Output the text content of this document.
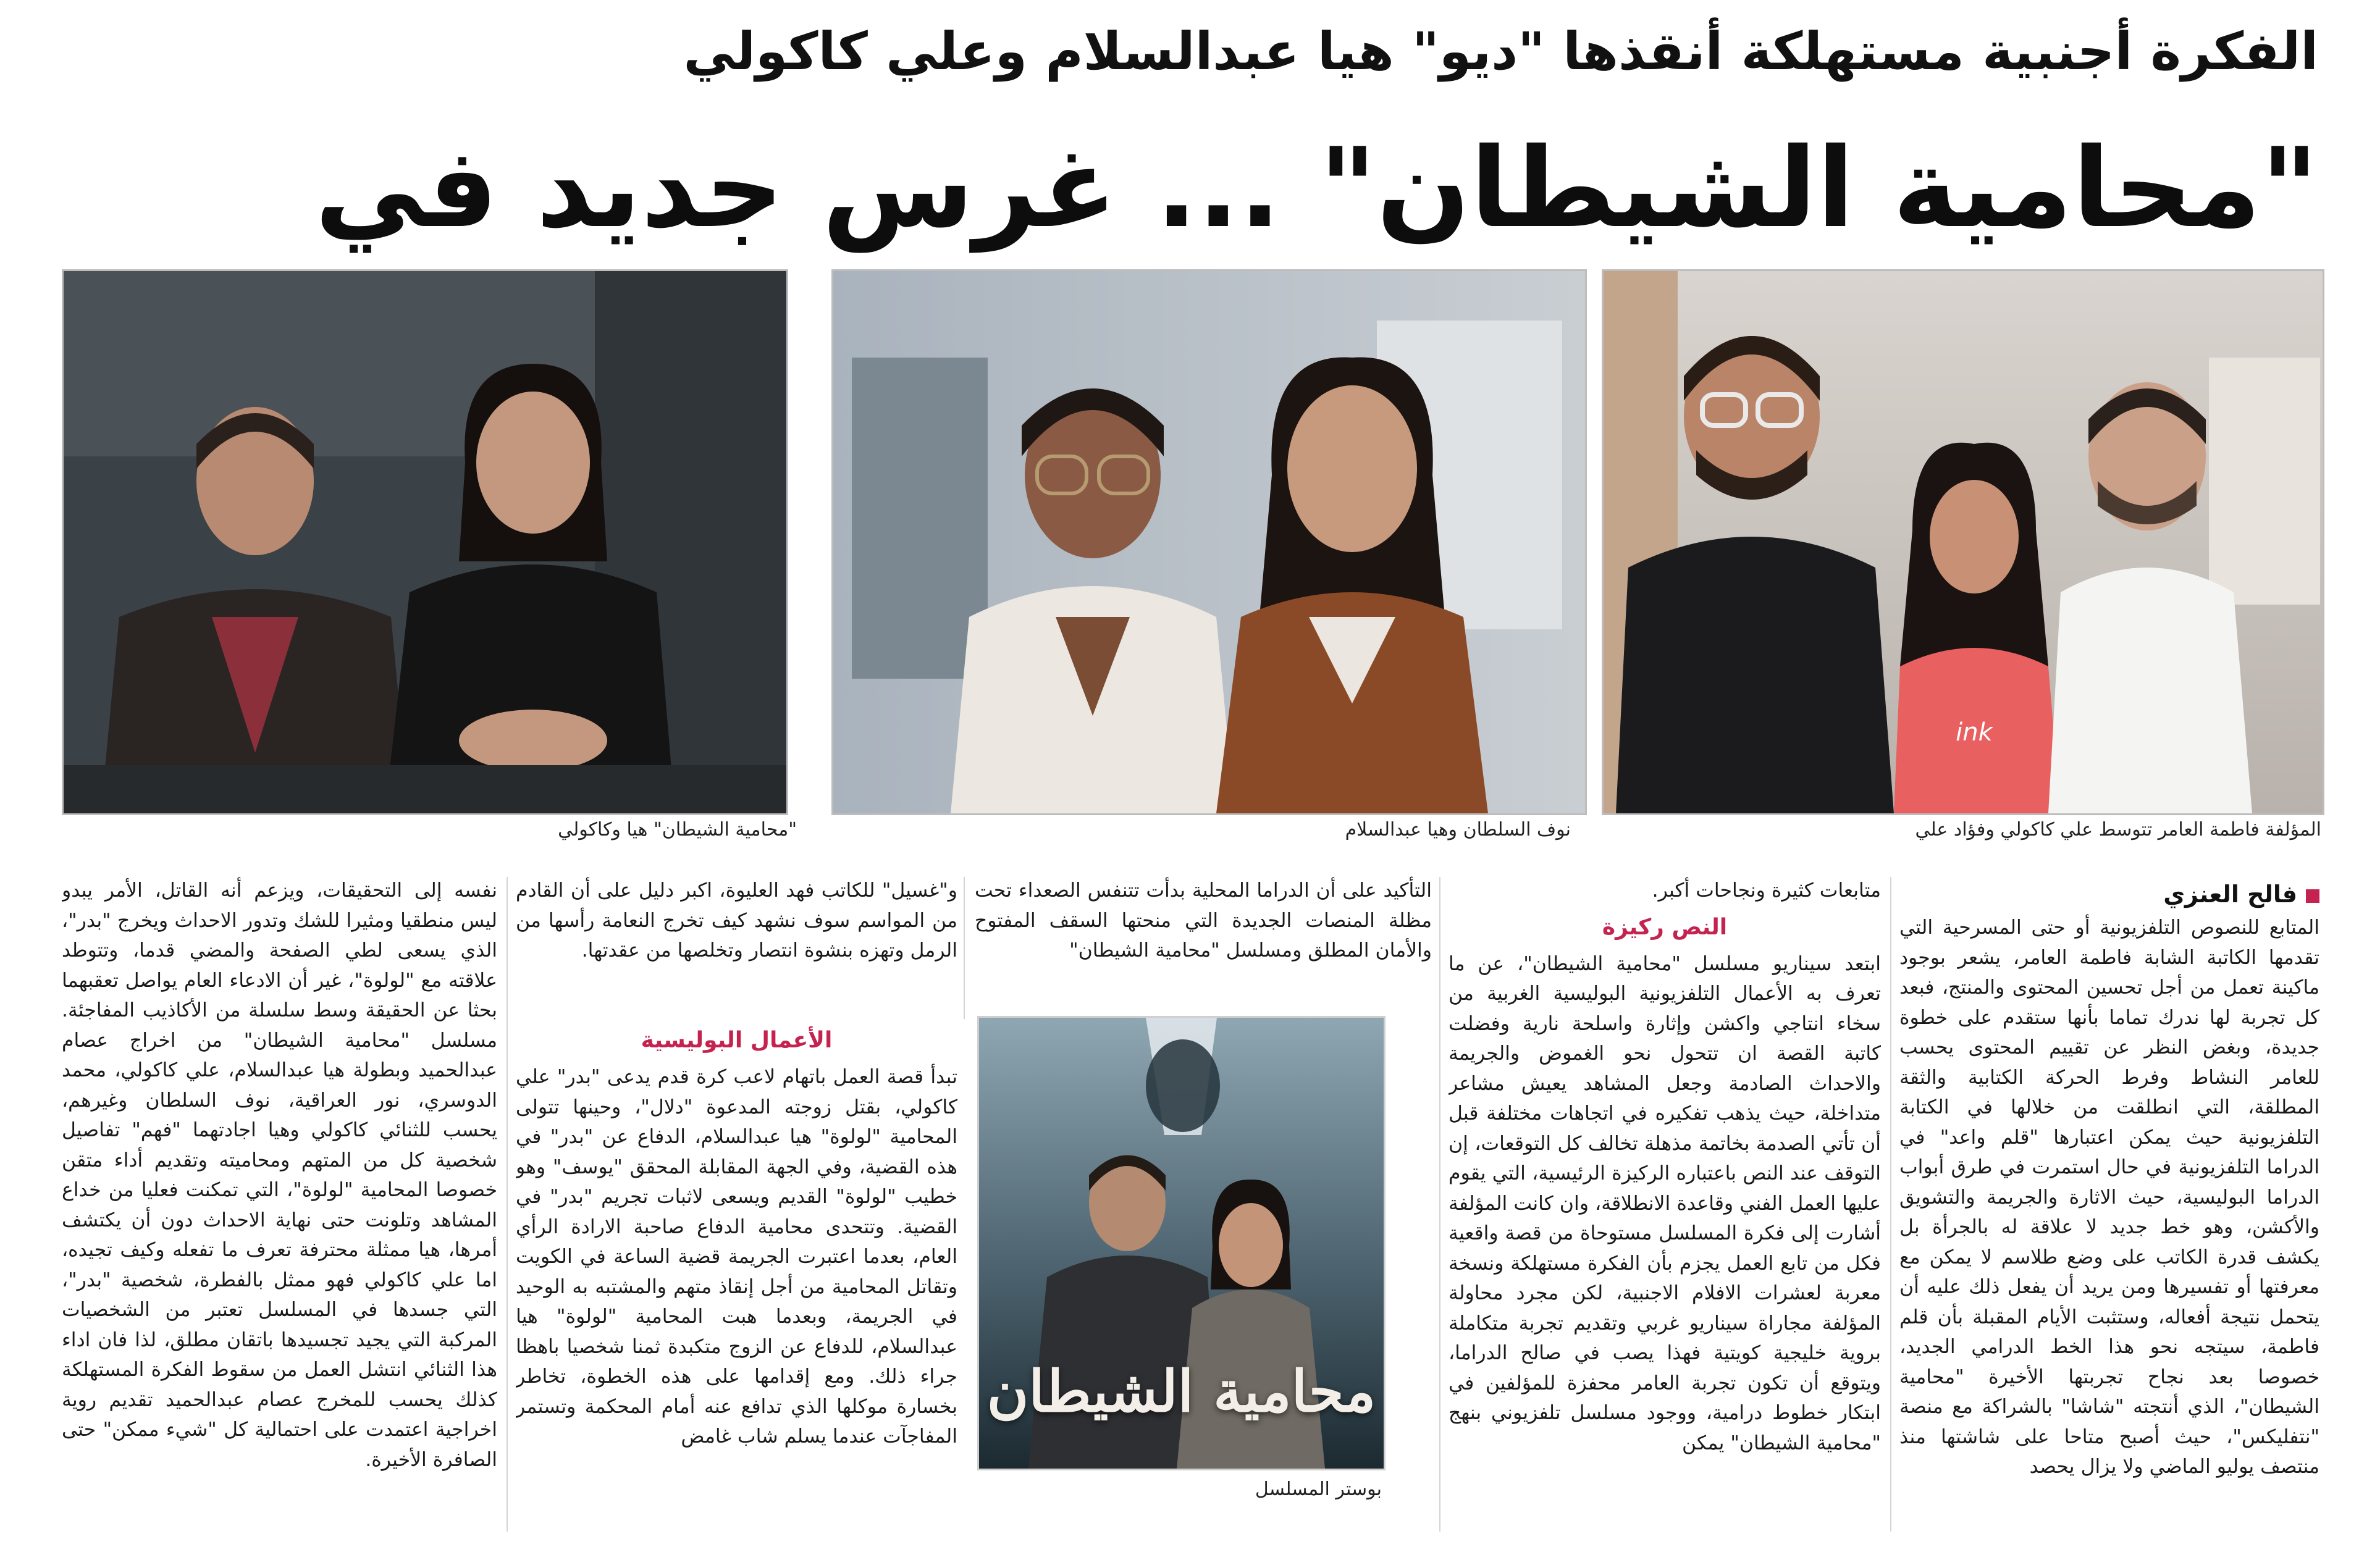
الفكرة أجنبية مستهلكة أنقذها "ديو" هيا عبدالسلام وعلي كاكولي
"محامية الشيطان" ... غرس جديد في
ink
المؤلفة فاطمة العامر تتوسط علي كاكولي وفؤاد علي
نوف السلطان وهيا عبدالسلام
"محامية الشيطان" هيا وكاكولي
فالح العنزي

المتابع للنصوص التلفزيونية أو حتى المسرحية التي تقدمها الكاتبة الشابة فاطمة العامر، يشعر بوجود ماكينة تعمل من أجل تحسين المحتوى والمنتج، فبعد كل تجربة لها ندرك تماما بأنها ستقدم على خطوة جديدة، وبغض النظر عن تقييم المحتوى يحسب للعامر النشاط وفرط الحركة الكتابية والثقة المطلقة، التي انطلقت من خلالها في الكتابة التلفزيونية حيث يمكن اعتبارها "قلم واعد" في الدراما التلفزيونية في حال استمرت في طرق أبواب الدراما البوليسية، حيث الاثارة والجريمة والتشويق والأكشن، وهو خط جديد لا علاقة له بالجرأة بل يكشف قدرة الكاتب على وضع طلاسم لا يمكن مع معرفتها أو تفسيرها ومن يريد أن يفعل ذلك عليه أن يتحمل نتيجة أفعاله، وستثبت الأيام المقبلة بأن قلم فاطمة، سيتجه نحو هذا الخط الدرامي الجديد، خصوصا بعد نجاح تجربتها الأخيرة "محامية الشيطان"، الذي أنتجته "شاشا" بالشراكة مع منصة "نتفليكس"، حيث أصبح متاحا على شاشتها منذ منتصف يوليو الماضي ولا يزال يحصد

متابعات كثيرة ونجاحات أكبر.

النص ركيزة

ابتعد سيناريو مسلسل "محامية الشيطان"، عن ما تعرف به الأعمال التلفزيونية البوليسية الغربية من سخاء انتاجي واكشن وإثارة واسلحة نارية وفضلت كاتبة القصة ان تتحول نحو الغموض والجريمة والاحداث الصادمة وجعل المشاهد يعيش مشاعر متداخلة، حيث يذهب تفكيره في اتجاهات مختلفة قبل أن تأتي الصدمة بخاتمة مذهلة تخالف كل التوقعات، إن التوقف عند النص باعتباره الركيزة الرئيسية، التي يقوم عليها العمل الفني وقاعدة الانطلاقة، وان كانت المؤلفة أشارت إلى فكرة المسلسل مستوحاة من قصة واقعية فكل من تابع العمل يجزم بأن الفكرة مستهلكة ونسخة معربة لعشرات الافلام الاجنبية، لكن مجرد محاولة المؤلفة مجاراة سيناريو غربي وتقديم تجربة متكاملة بروية خليجية كويتية فهذا يصب في صالح الدراما، ويتوقع أن تكون تجربة العامر محفزة للمؤلفين في ابتكار خطوط درامية، ووجود مسلسل تلفزيوني بنهج "محامية الشيطان" يمكن

التأكيد على أن الدراما المحلية بدأت تتنفس الصعداء تحت مظلة المنصات الجديدة التي منحتها السقف المفتوح والأمان المطلق ومسلسل "محامية الشيطان"

و"غسيل" للكاتب فهد العليوة، اكبر دليل على أن القادم من المواسم سوف نشهد كيف تخرج النعامة رأسها من الرمل وتهزه بنشوة انتصار وتخلصها من عقدتها.

محامية الشيطان
بوستر المسلسل
الأعمال البوليسية

تبدأ قصة العمل باتهام لاعب كرة قدم يدعى "بدر" علي كاكولي، بقتل زوجته المدعوة "دلال"، وحينها تتولى المحامية "لولوة" هيا عبدالسلام، الدفاع عن "بدر" في هذه القضية، وفي الجهة المقابلة المحقق "يوسف" وهو خطيب "لولوة" القديم ويسعى لاثبات تجريم "بدر" في القضية. وتتحدى محامية الدفاع صاحبة الارادة الرأي العام، بعدما اعتبرت الجريمة قضية الساعة في الكويت وتقاتل المحامية من أجل إنقاذ متهم والمشتبه به الوحيد في الجريمة، وبعدما هبت المحامية "لولوة" هيا عبدالسلام، للدفاع عن الزوج متكبدة ثمنا شخصيا باهظا جراء ذلك. ومع إقدامها على هذه الخطوة، تخاطر بخسارة موكلها الذي تدافع عنه أمام المحكمة وتستمر المفاجآت عندما يسلم شاب غامض

نفسه إلى التحقيقات، ويزعم أنه القاتل، الأمر يبدو ليس منطقيا ومثيرا للشك وتدور الاحداث ويخرج "بدر"، الذي يسعى لطي الصفحة والمضي قدما، وتتوطد علاقته مع "لولوة"، غير أن الادعاء العام يواصل تعقبهما بحثا عن الحقيقة وسط سلسلة من الأكاذيب المفاجئة. مسلسل "محامية الشيطان" من اخراج عصام عبدالحميد وبطولة هيا عبدالسلام، علي كاكولي، محمد الدوسري، نور العراقية، نوف السلطان وغيرهم، يحسب للثنائي كاكولي وهيا اجادتهما "فهم" تفاصيل شخصية كل من المتهم ومحاميته وتقديم أداء متقن خصوصا المحامية "لولوة"، التي تمكنت فعليا من خداع المشاهد وتلونت حتى نهاية الاحداث دون أن يكتشف أمرها، هيا ممثلة محترفة تعرف ما تفعله وكيف تجيده، اما علي كاكولي فهو ممثل بالفطرة، شخصية "بدر"، التي جسدها في المسلسل تعتبر من الشخصيات المركبة التي يجيد تجسيدها باتقان مطلق، لذا فان اداء هذا الثنائي انتشل العمل من سقوط الفكرة المستهلكة كذلك يحسب للمخرج عصام عبدالحميد تقديم روية اخراجية اعتمدت على احتمالية كل "شيء ممكن" حتى الصافرة الأخيرة.
